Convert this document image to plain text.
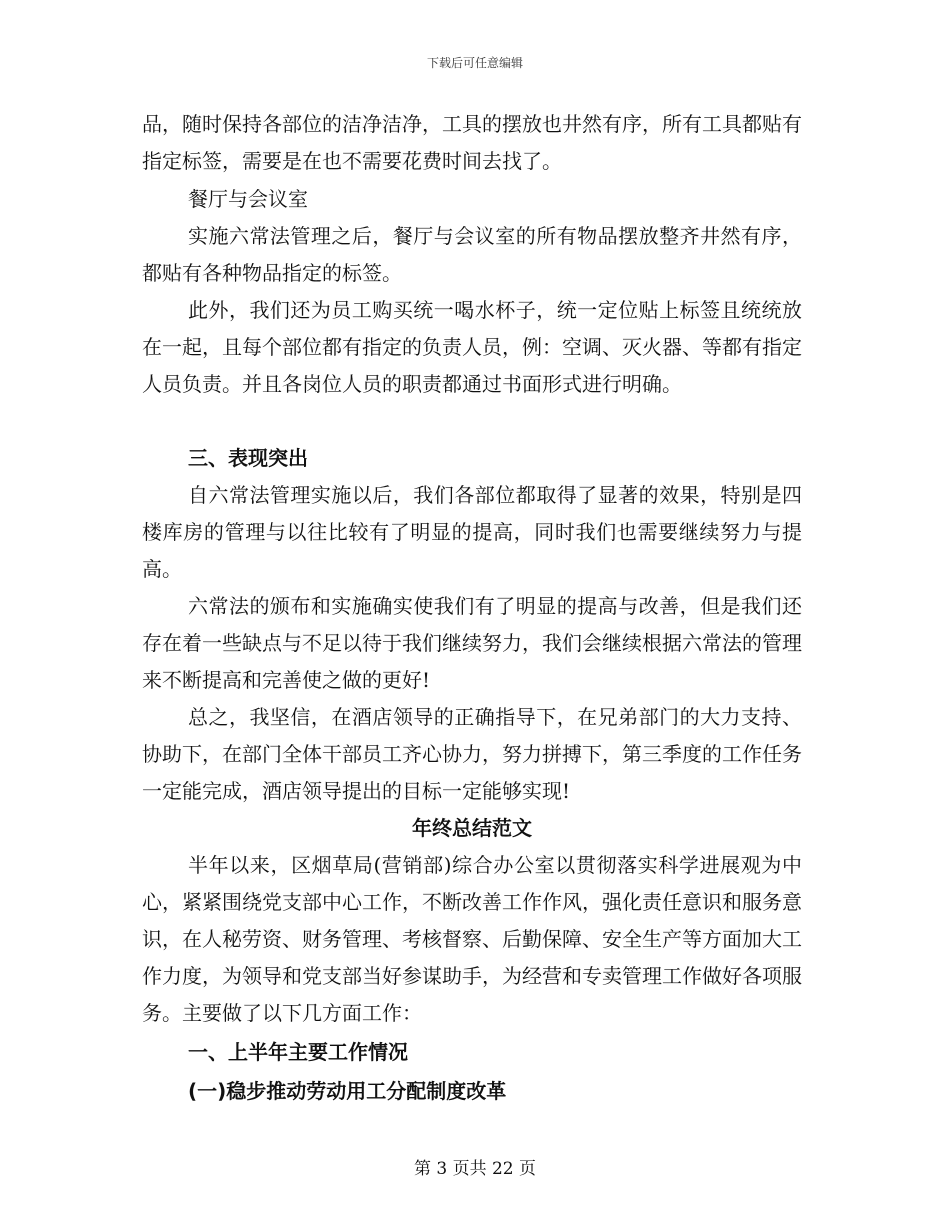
下载后可任意编辑

品，随时保持各部位的洁净洁净，工具的摆放也井然有序，所有工具都贴有指定标签，需要是在也不需要花费时间去找了。

餐厅与会议室

实施六常法管理之后，餐厅与会议室的所有物品摆放整齐井然有序，都贴有各种物品指定的标签。

此外，我们还为员工购买统一喝水杯子，统一定位贴上标签且统统放在一起，且每个部位都有指定的负责人员，例：空调、灭火器、等都有指定人员负责。并且各岗位人员的职责都通过书面形式进行明确。

三、表现突出

自六常法管理实施以后，我们各部位都取得了显著的效果，特别是四楼库房的管理与以往比较有了明显的提高，同时我们也需要继续努力与提高。

六常法的颁布和实施确实使我们有了明显的提高与改善，但是我们还存在着一些缺点与不足以待于我们继续努力，我们会继续根据六常法的管理来不断提高和完善使之做的更好!

总之，我坚信，在酒店领导的正确指导下，在兄弟部门的大力支持、协助下，在部门全体干部员工齐心协力，努力拼搏下，第三季度的工作任务一定能完成，酒店领导提出的目标一定能够实现!

年终总结范文

半年以来，区烟草局(营销部)综合办公室以贯彻落实科学进展观为中心，紧紧围绕党支部中心工作，不断改善工作作风，强化责任意识和服务意识，在人秘劳资、财务管理、考核督察、后勤保障、安全生产等方面加大工作力度，为领导和党支部当好参谋助手，为经营和专卖管理工作做好各项服务。主要做了以下几方面工作：

一、上半年主要工作情况

(一)稳步推动劳动用工分配制度改革

第 3 页共 22 页
